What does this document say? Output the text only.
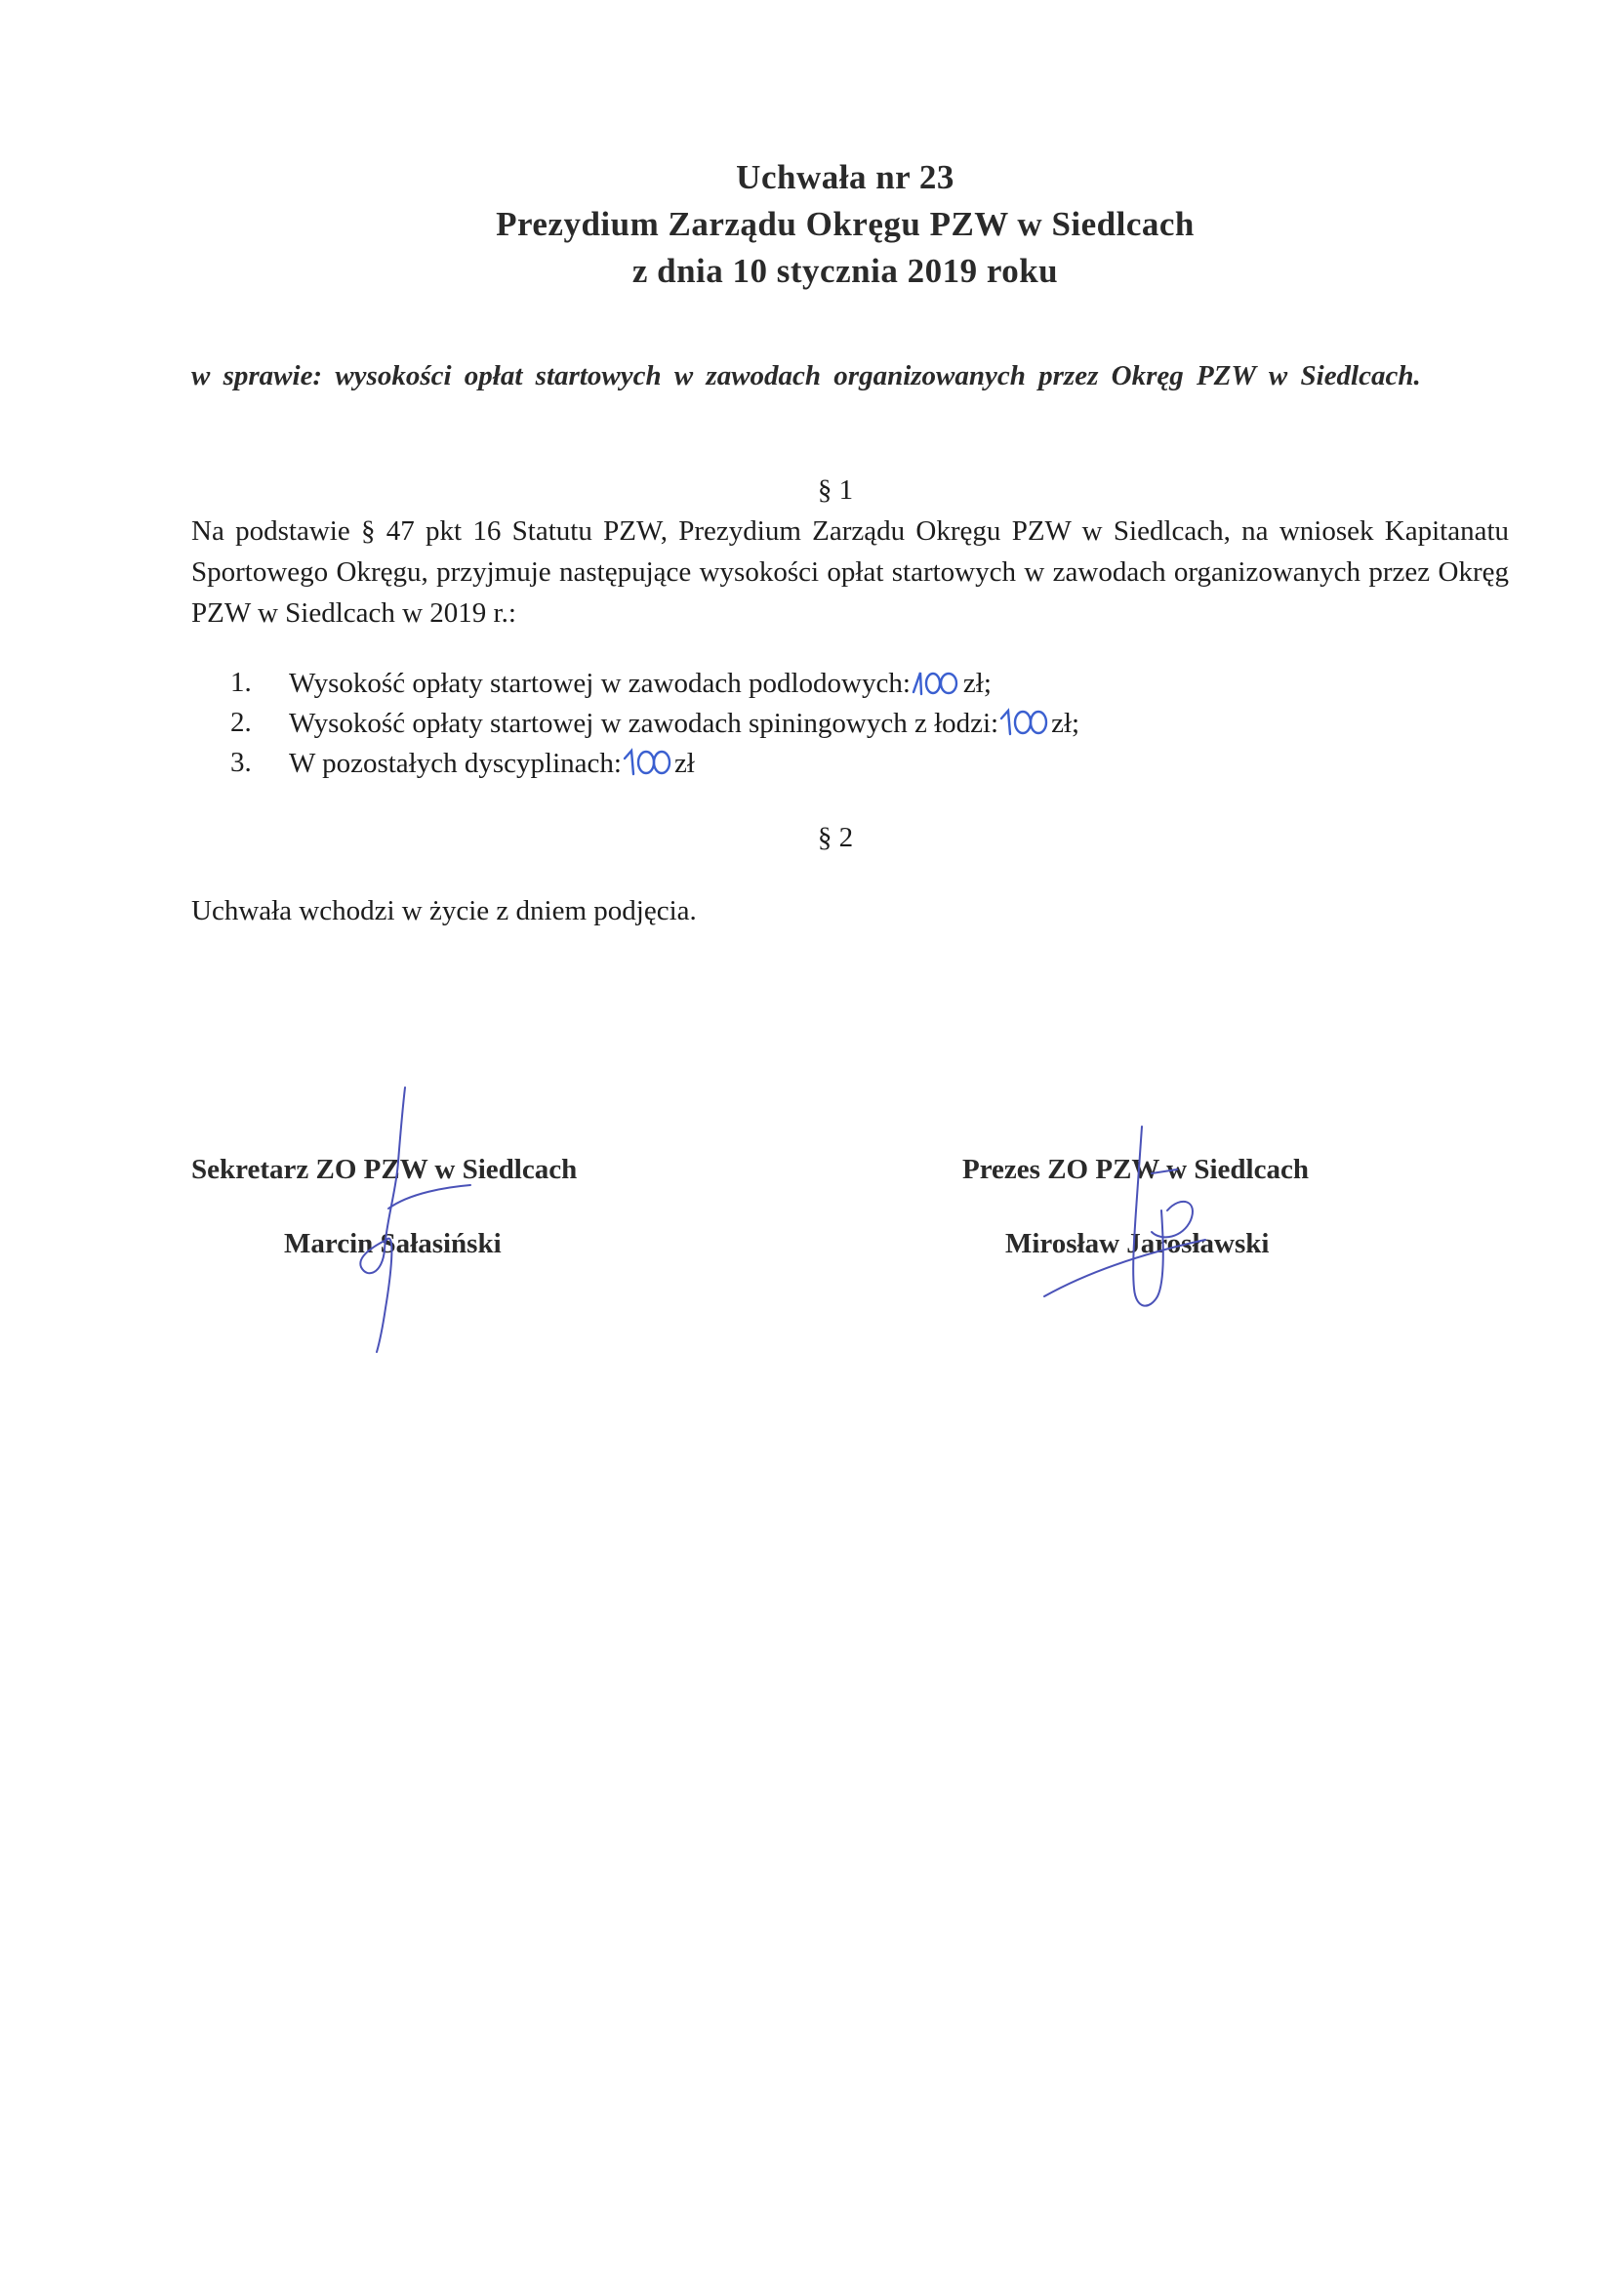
Uchwała nr 23
Prezydium Zarządu Okręgu PZW w Siedlcach
z dnia 10 stycznia 2019 roku
w sprawie: wysokości opłat startowych w zawodach organizowanych przez Okręg PZW w Siedlcach.
§ 1
Na podstawie § 47 pkt 16 Statutu PZW, Prezydium Zarządu Okręgu PZW w Siedlcach, na wniosek Kapitanatu Sportowego Okręgu, przyjmuje następujące wysokości opłat startowych w zawodach organizowanych przez Okręg PZW w Siedlcach w 2019 r.:
1. Wysokość opłaty startowej w zawodach podlodowych: zł;
2. Wysokość opłaty startowej w zawodach spiningowych z łodzi: zł;
3. W pozostałych dyscyplinach: zł
§ 2
Uchwała wchodzi w życie z dniem podjęcia.
Sekretarz ZO PZW w Siedlcach
Marcin Sałasiński
Prezes ZO PZW w Siedlcach
Mirosław Jarosławski
